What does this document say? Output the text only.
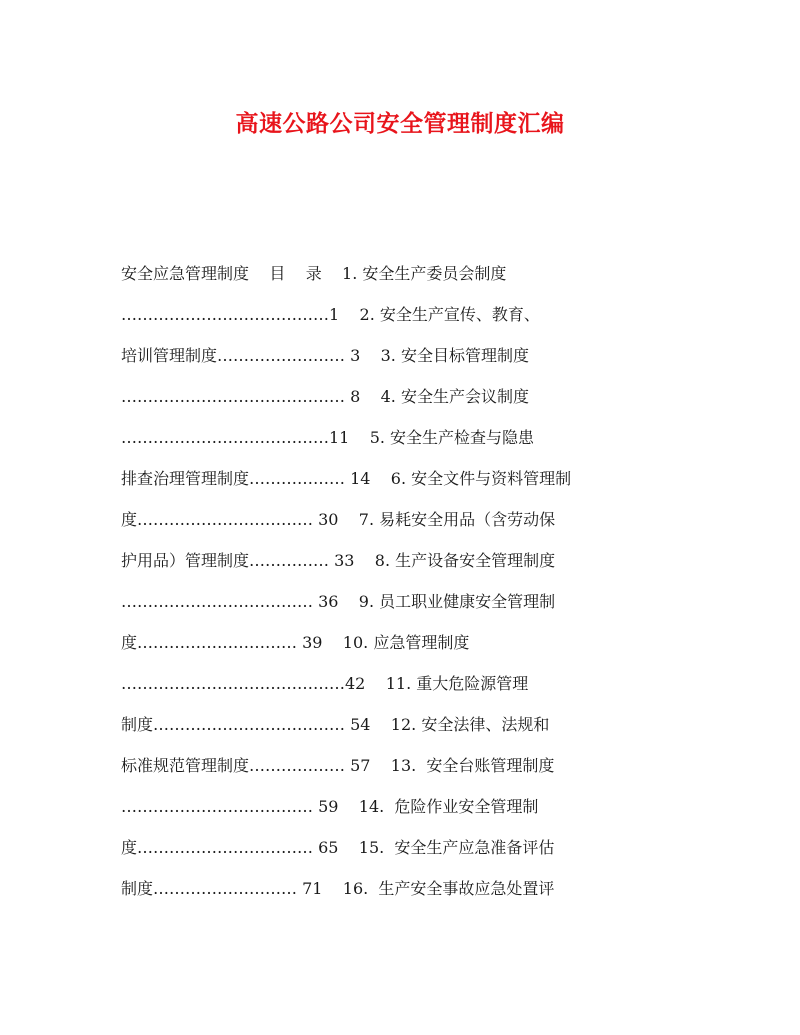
高速公路公司安全管理制度汇编
安全应急管理制度    目    录    1. 安全生产委员会制度
…………………………………1    2. 安全生产宣传、教育、
培训管理制度…………………… 3    3. 安全目标管理制度
…………………………………… 8    4. 安全生产会议制度
…………………………………11    5. 安全生产检查与隐患
排查治理管理制度……………… 14    6. 安全文件与资料管理制
度…………………………… 30    7. 易耗安全用品（含劳动保
护用品）管理制度…………… 33    8. 生产设备安全管理制度
……………………………… 36    9. 员工职业健康安全管理制
度………………………… 39    10. 应急管理制度
……………………………………42    11. 重大危险源管理
制度……………………………… 54    12. 安全法律、法规和
标准规范管理制度……………… 57    13.  安全台账管理制度
……………………………… 59    14.  危险作业安全管理制
度…………………………… 65    15.  安全生产应急准备评估
制度……………………… 71    16.  生产安全事故应急处置评
